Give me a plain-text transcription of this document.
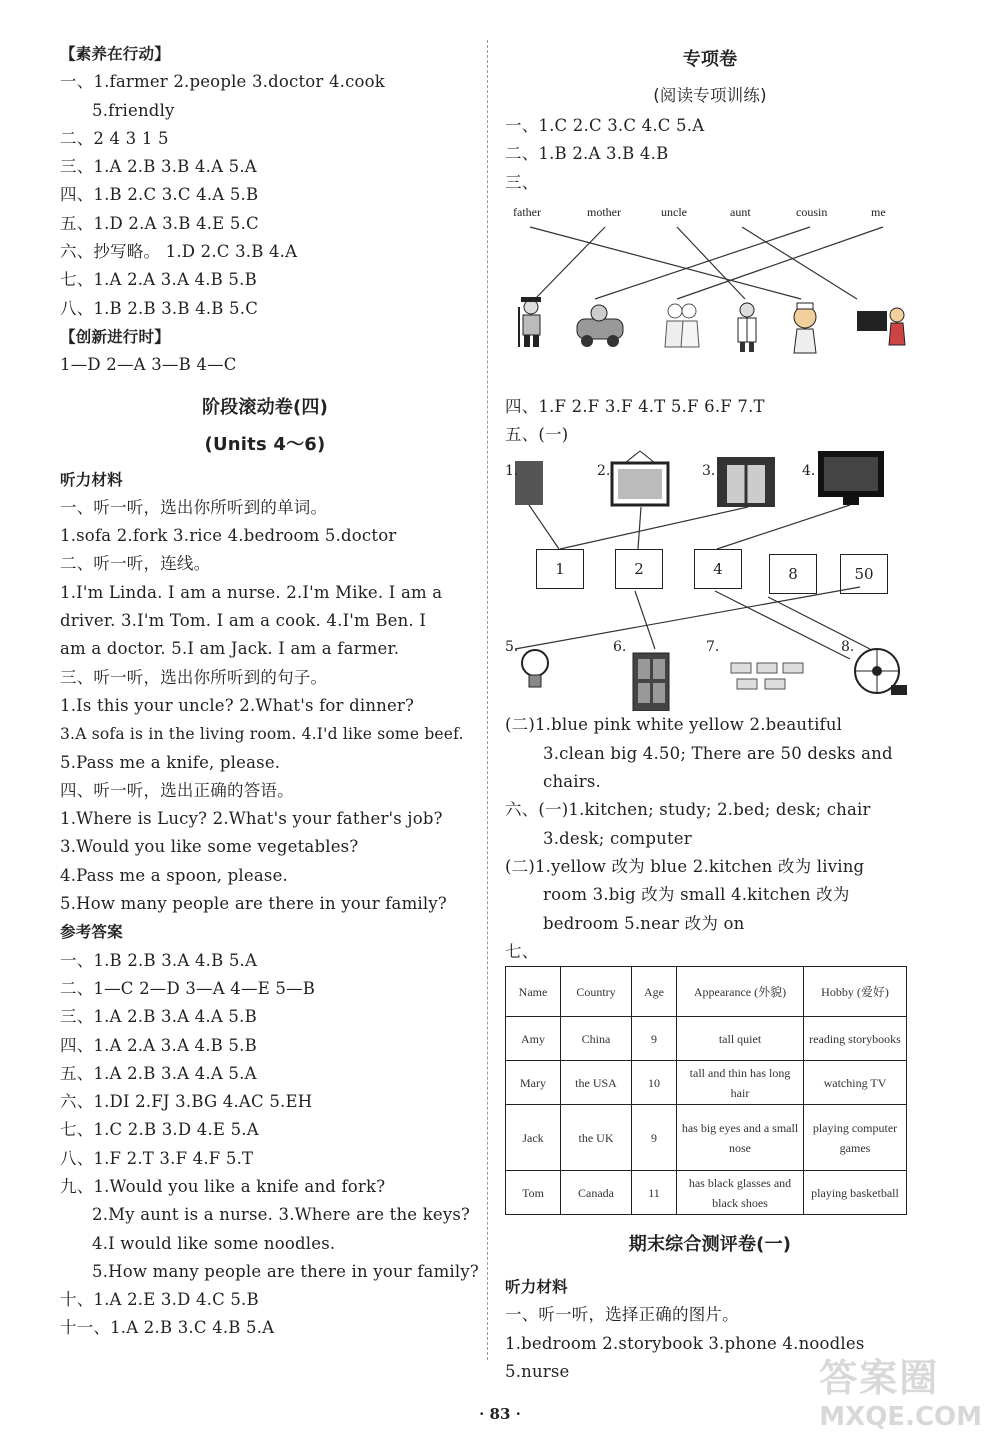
【素养在行动】
一、1.farmer 2.people 3.doctor 4.cook
5.friendly
二、2 4 3 1 5
三、1.A 2.B 3.B 4.A 5.A
四、1.B 2.C 3.C 4.A 5.B
五、1.D 2.A 3.B 4.E 5.C
六、抄写略。 1.D 2.C 3.B 4.A
七、1.A 2.A 3.A 4.B 5.B
八、1.B 2.B 3.B 4.B 5.C
【创新进行时】
1—D 2—A 3—B 4—C
阶段滚动卷(四)
(Units 4～6)
听力材料
一、听一听，选出你所听到的单词。
1.sofa 2.fork 3.rice 4.bedroom 5.doctor
二、听一听，连线。
1.I'm Linda. I am a nurse. 2.I'm Mike. I am a
driver. 3.I'm Tom. I am a cook. 4.I'm Ben. I
am a doctor. 5.I am Jack. I am a farmer.
三、听一听，选出你所听到的句子。
1.Is this your uncle? 2.What's for dinner?
3.A sofa is in the living room. 4.I'd like some beef.
5.Pass me a knife, please.
四、听一听，选出正确的答语。
1.Where is Lucy? 2.What's your father's job?
3.Would you like some vegetables?
4.Pass me a spoon, please.
5.How many people are there in your family?
参考答案
一、1.B 2.B 3.A 4.B 5.A
二、1—C 2—D 3—A 4—E 5—B
三、1.A 2.B 3.A 4.A 5.B
四、1.A 2.A 3.A 4.B 5.B
五、1.A 2.B 3.A 4.A 5.A
六、1.DI 2.FJ 3.BG 4.AC 5.EH
七、1.C 2.B 3.D 4.E 5.A
八、1.F 2.T 3.F 4.F 5.T
九、1.Would you like a knife and fork?
2.My aunt is a nurse. 3.Where are the keys?
4.I would like some noodles.
5.How many people are there in your family?
十、1.A 2.E 3.D 4.C 5.B
十一、1.A 2.B 3.C 4.B 5.A
专项卷
(阅读专项训练)
一、1.C 2.C 3.C 4.C 5.A
二、1.B 2.A 3.B 4.B
三、
father	mother	uncle	aunt	cousin	me
四、1.F 2.F 3.F 4.T 5.F 6.F 7.T
五、(一)
1.	2.	3.	4.
1	2	4	8	50
5.	6.	7.	8.
(二)1.blue pink white yellow 2.beautiful
3.clean big 4.50; There are 50 desks and
chairs.
六、(一)1.kitchen; study; 2.bed; desk; chair
3.desk; computer
(二)1.yellow 改为 blue 2.kitchen 改为 living
room 3.big 改为 small 4.kitchen 改为
bedroom 5.near 改为 on
七、
Name	Country	Age	Appearance (外貌)	Hobby (爱好)
Amy	China	9	tall quiet	reading storybooks
Mary	the USA	10	tall and thin has long hair	watching TV
Jack	the UK	9	has big eyes and a small nose	playing computer games
Tom	Canada	11	has black glasses and black shoes	playing basketball
期末综合测评卷(一)
听力材料
一、听一听，选择正确的图片。
1.bedroom 2.storybook 3.phone 4.noodles
5.nurse
· 83 ·
答案圈
MXQE.COM
